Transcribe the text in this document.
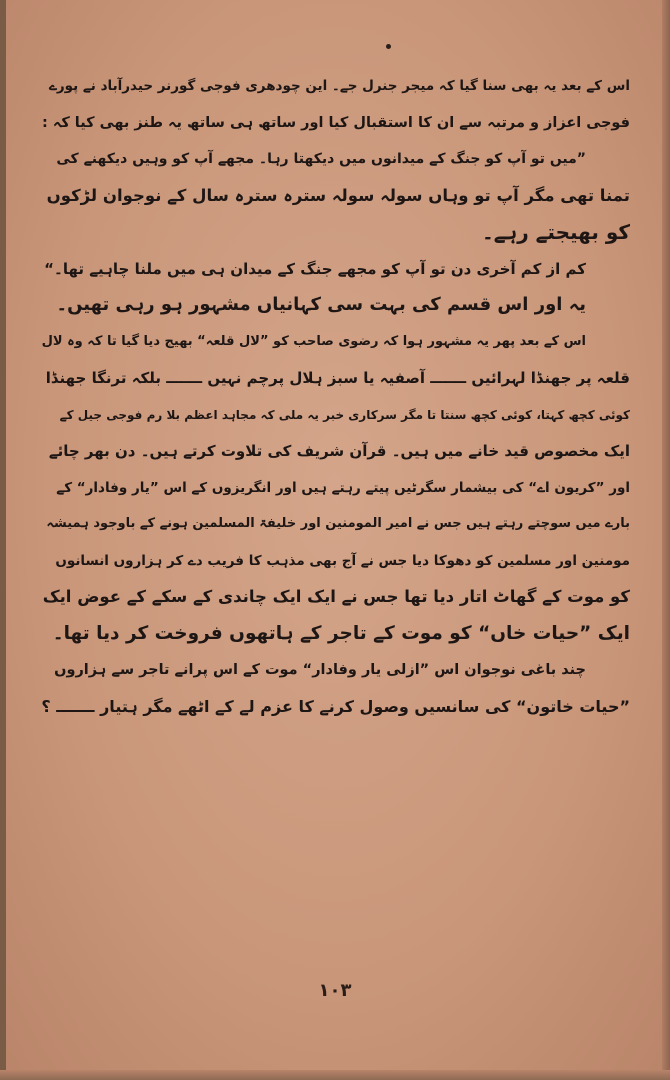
اس کے بعد یہ بھی سنا گیا کہ میجر جنرل جے۔ این چودھری فوجی گورنر حیدرآباد نے پورے
فوجی اعزاز و مرتبہ سے ان کا استقبال کیا اور ساتھ ہی ساتھ یہ طنز بھی کیا کہ :
”میں تو آپ کو جنگ کے میدانوں میں دیکھتا رہا۔ مجھے آپ کو وہیں دیکھنے کی
تمنا تھی مگر آپ تو وہاں سولہ سولہ سترہ سترہ سال کے نوجوان لڑکوں
کو بھیجتے رہے۔
کم از کم آخری دن تو آپ کو مجھے جنگ کے میدان ہی میں ملنا چاہیے تھا۔“
یہ اور اس قسم کی بہت سی کہانیاں مشہور ہو رہی تھیں۔
اس کے بعد پھر یہ مشہور ہوا کہ رضوی صاحب کو ”لال قلعہ“ بھیج دیا گیا تا کہ وہ لال
قلعہ پر جھنڈا لہرائیں ـــــــ آصفیہ یا سبز ہلال پرچم نہیں ـــــــ بلکہ ترنگا جھنڈا
کوئی کچھ کہتا، کوئی کچھ سنتا تا مگر سرکاری خبر یہ ملی کہ مجاہد اعظم بلا رم فوجی جیل کے
ایک مخصوص قید خانے میں ہیں۔ قرآن شریف کی تلاوت کرتے ہیں۔ دن بھر چائے
اور ”کریون اے“ کی بیشمار سگرٹیں پیتے رہتے ہیں اور انگریزوں کے اس ”یار وفادار“ کے
بارے میں سوچتے رہتے ہیں جس نے امیر المومنین اور خلیفۃ المسلمین ہونے کے باوجود ہمیشہ
مومنین اور مسلمین کو دھوکا دیا جس نے آج بھی مذہب کا فریب دے کر ہزاروں انسانوں
کو موت کے گھاٹ اتار دیا تھا جس نے ایک ایک چاندی کے سکے کے عوض ایک
ایک ”حیات خاں“ کو موت کے تاجر کے ہاتھوں فروخت کر دیا تھا۔
چند باغی نوجوان اس ”ازلی یار وفادار“ موت کے اس پرانے تاجر سے ہزاروں
”حیات خاتون“ کی سانسیں وصول کرنے کا عزم لے کے اٹھے مگر ہتیار ـــــــ ؟
۱۰۳
